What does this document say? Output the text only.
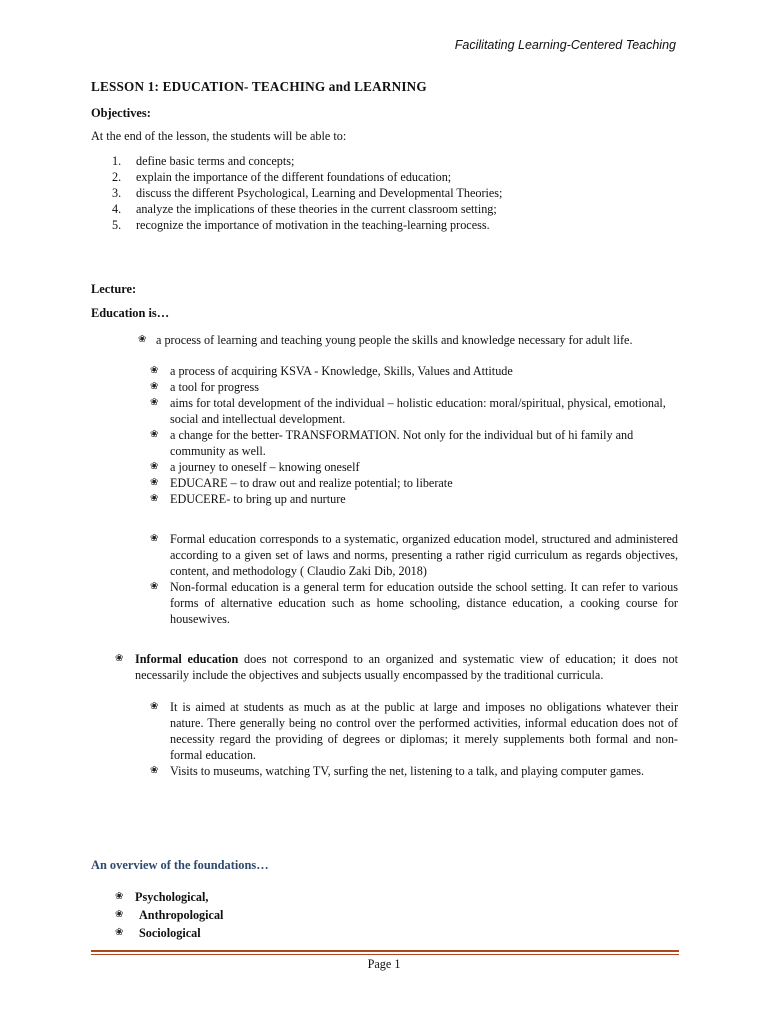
Facilitating Learning-Centered Teaching
LESSON 1: EDUCATION- TEACHING and LEARNING
Objectives:
At the end of the lesson, the students will be able to:
1. define basic terms and concepts;
2. explain the importance of the different foundations of education;
3. discuss the different Psychological, Learning and Developmental Theories;
4. analyze the implications of these theories in the current classroom setting;
5. recognize the importance of motivation in the teaching-learning process.
Lecture:
Education is…
❀ a process of learning and teaching young people the skills and knowledge necessary for adult life.
❀ a process of acquiring KSVA - Knowledge, Skills, Values and Attitude
❀ a tool for progress
❀ aims for total development of the individual – holistic education: moral/spiritual, physical, emotional, social and intellectual development.
❀ a change for the better- TRANSFORMATION. Not only for the individual but of hi family and community as well.
❀ a journey to oneself – knowing oneself
❀ EDUCARE – to draw out and realize potential; to liberate
❀ EDUCERE- to bring up and nurture
❀ Formal education corresponds to a systematic, organized education model, structured and administered according to a given set of laws and norms, presenting a rather rigid curriculum as regards objectives, content, and methodology ( Claudio Zaki Dib, 2018)
❀ Non-formal education is a general term for education outside the school setting. It can refer to various forms of alternative education such as home schooling, distance education, a cooking course for housewives.
❀ Informal education does not correspond to an organized and systematic view of education; it does not necessarily include the objectives and subjects usually encompassed by the traditional curricula.
❀ It is aimed at students as much as at the public at large and imposes no obligations whatever their nature. There generally being no control over the performed activities, informal education does not of necessity regard the providing of degrees or diplomas; it merely supplements both formal and non-formal education.
❀ Visits to museums, watching TV, surfing the net, listening to a talk, and playing computer games.
An overview of the foundations…
❀ Psychological,
❀	Anthropological
❀	Sociological
Page 1
